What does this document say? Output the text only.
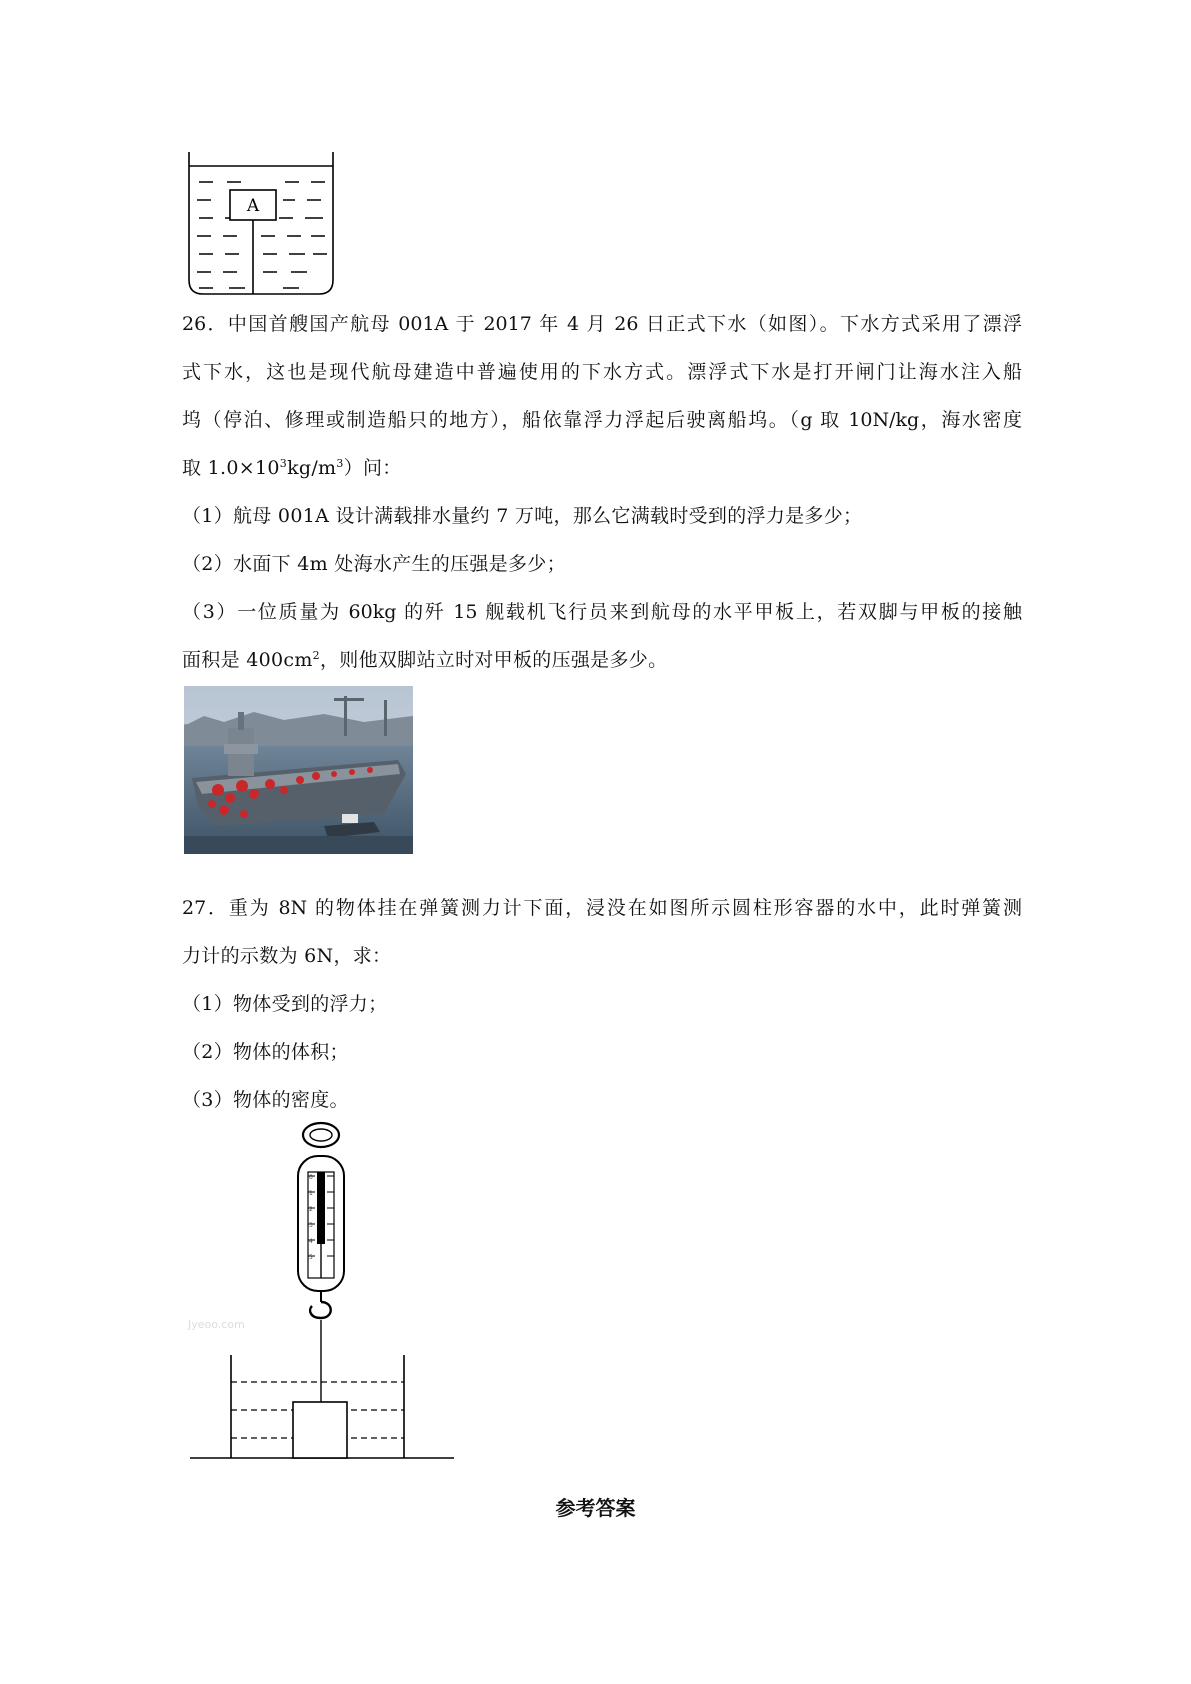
A
26．中国首艘国产航母 001A 于 2017 年 4 月 26 日正式下水（如图）。下水方式采用了漂浮
式下水，这也是现代航母建造中普遍使用的下水方式。漂浮式下水是打开闸门让海水注入船
坞（停泊、修理或制造船只的地方），船依靠浮力浮起后驶离船坞。（g 取 10N/kg，海水密度
取 $1.0\times 10^3kg/m^3$）问：
（1）航母 001A 设计满载排水量约 7 万吨，那么它满载时受到的浮力是多少；
（2）水面下 4m 处海水产生的压强是多少；
（3）一位质量为 60kg 的歼 15 舰载机飞行员来到航母的水平甲板上，若双脚与甲板的接触
面积是 $400cm^2$，则他双脚站立时对甲板的压强是多少。
27．重为 8N 的物体挂在弹簧测力计下面，浸没在如图所示圆柱形容器的水中，此时弹簧测
力计的示数为 6N，求：
（1）物体受到的浮力；
（2）物体的体积；
（3）物体的密度。
0
1
2
3
4
5
Jyeoo.com
参考答案
